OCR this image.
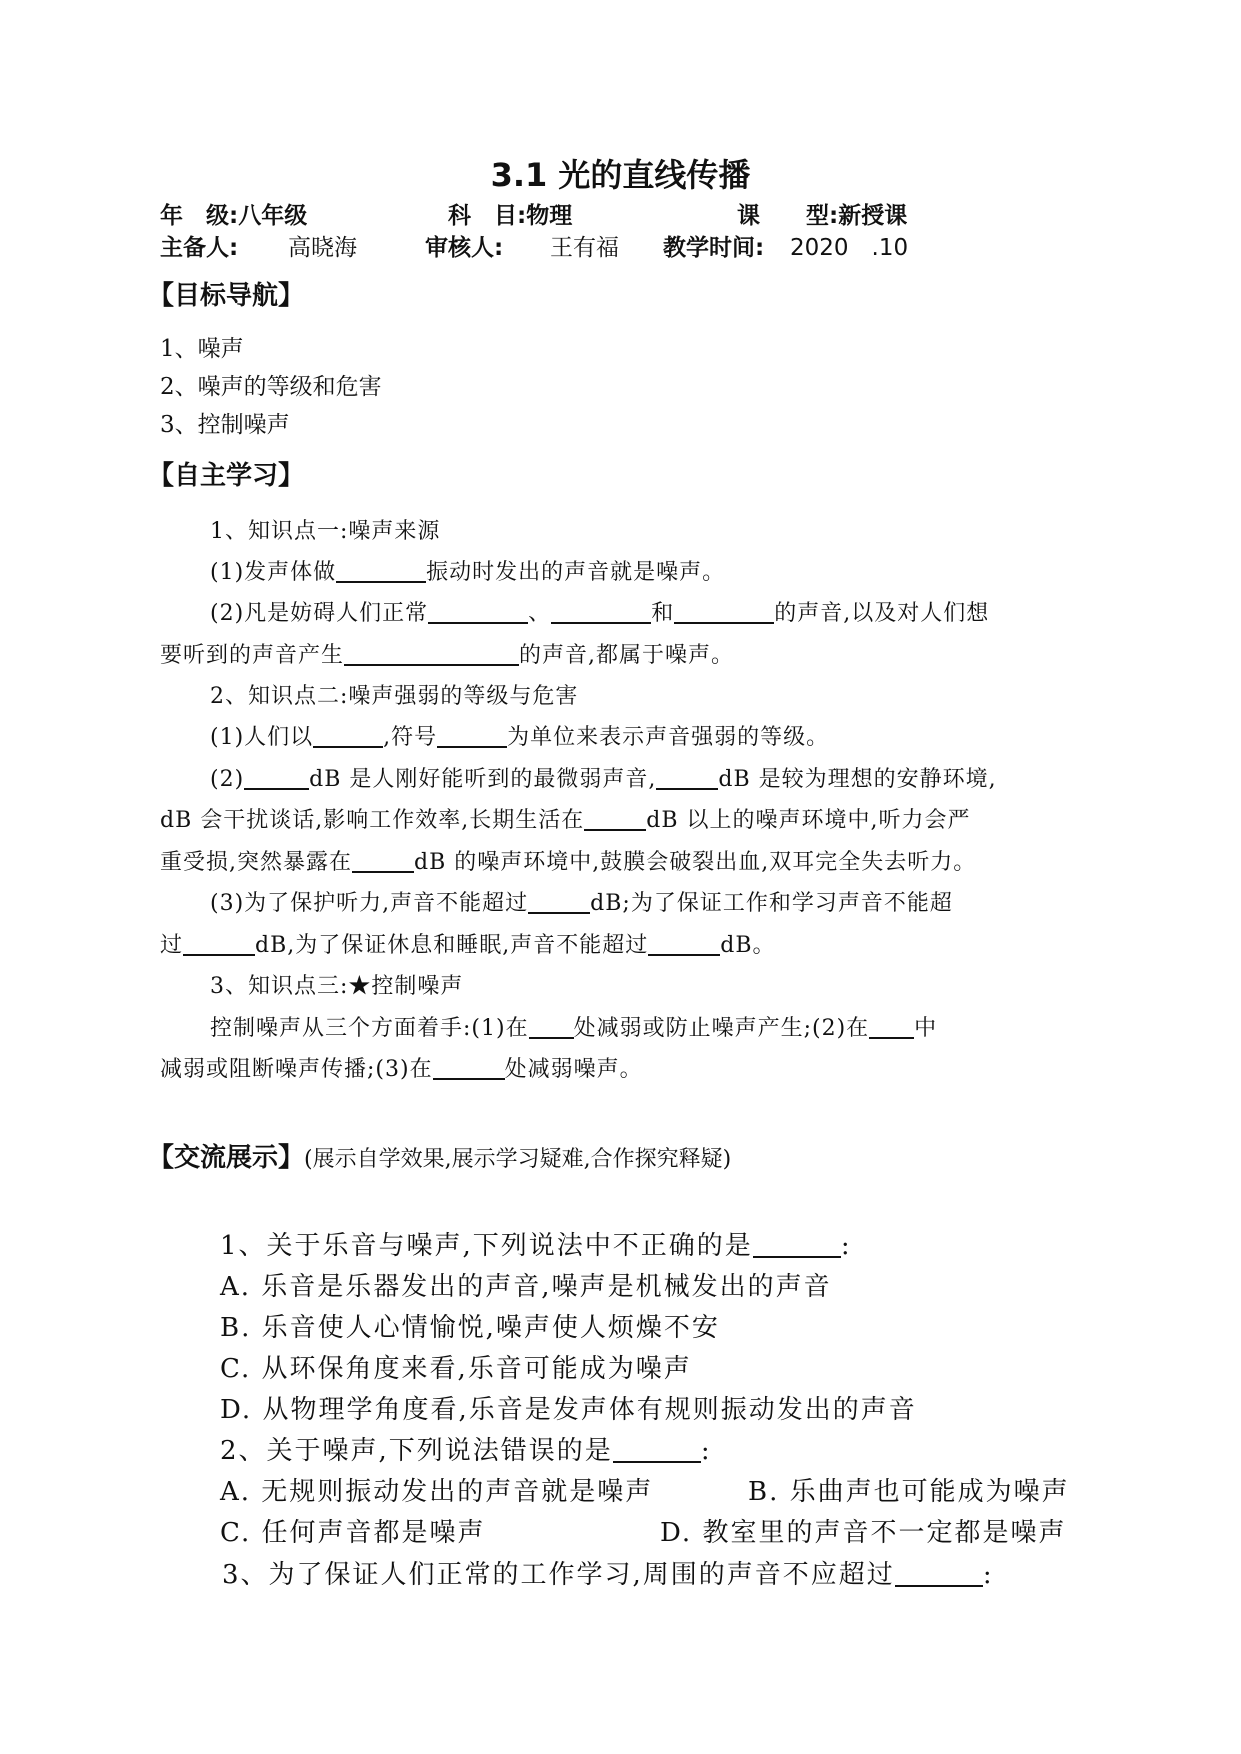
3.1 光的直线传播
年　级:八年级	科　目:物理	课　　型:新授课
主备人: 高晓海	审核人: 王有福 教学时间: 2020　.10
【目标导航】
1、噪声
2、噪声的等级和危害
3、控制噪声
【自主学习】
1、知识点一:噪声来源
(1)发声体做	振动时发出的声音就是噪声。
(2)凡是妨碍人们正常	、	和	的声音,以及对人们想
要听到的声音产生	的声音,都属于噪声。
2、知识点二:噪声强弱的等级与危害
(1)人们以	,符号	为单位来表示声音强弱的等级。
(2)	dB 是人刚好能听到的最微弱声音,	dB 是较为理想的安静环境,
dB 会干扰谈话,影响工作效率,长期生活在	dB 以上的噪声环境中,听力会严
重受损,突然暴露在	dB 的噪声环境中,鼓膜会破裂出血,双耳完全失去听力。
(3)为了保护听力,声音不能超过	dB;为了保证工作和学习声音不能超
过	dB,为了保证休息和睡眠,声音不能超过	dB。
3、知识点三:★控制噪声
控制噪声从三个方面着手:(1)在 处减弱或防止噪声产生;(2)在 中
减弱或阻断噪声传播;(3)在	处减弱噪声。
【交流展示】(展示自学效果,展示学习疑难,合作探究释疑)
1、关于乐音与噪声,下列说法中不正确的是	:
A. 乐音是乐器发出的声音,噪声是机械发出的声音
B. 乐音使人心情愉悦,噪声使人烦燥不安
C. 从环保角度来看,乐音可能成为噪声
D. 从物理学角度看,乐音是发声体有规则振动发出的声音
2、关于噪声,下列说法错误的是	:
A. 无规则振动发出的声音就是噪声	B. 乐曲声也可能成为噪声
C. 任何声音都是噪声	D. 教室里的声音不一定都是噪声
3、为了保证人们正常的工作学习,周围的声音不应超过	:
